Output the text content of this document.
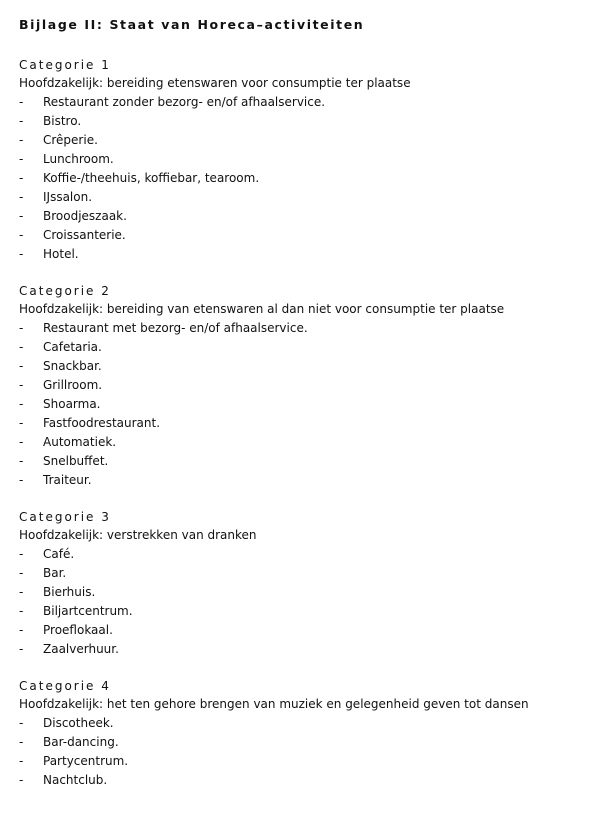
Bijlage II: Staat van Horeca–activiteiten
Categorie 1
Hoofdzakelijk: bereiding etenswaren voor consumptie ter plaatse
-	Restaurant zonder bezorg- en/of afhaalservice.
-	Bistro.
-	Crêperie.
-	Lunchroom.
-	Koffie-/theehuis, koffiebar, tearoom.
-	IJssalon.
-	Broodjeszaak.
-	Croissanterie.
-	Hotel.
Categorie 2
Hoofdzakelijk: bereiding van etenswaren al dan niet voor consumptie ter plaatse
-	Restaurant met bezorg- en/of afhaalservice.
-	Cafetaria.
-	Snackbar.
-	Grillroom.
-	Shoarma.
-	Fastfoodrestaurant.
-	Automatiek.
-	Snelbuffet.
-	Traiteur.
Categorie 3
Hoofdzakelijk: verstrekken van dranken
-	Café.
-	Bar.
-	Bierhuis.
-	Biljartcentrum.
-	Proeflokaal.
-	Zaalverhuur.
Categorie 4
Hoofdzakelijk: het ten gehore brengen van muziek en gelegenheid geven tot dansen
-	Discotheek.
-	Bar-dancing.
-	Partycentrum.
-	Nachtclub.
